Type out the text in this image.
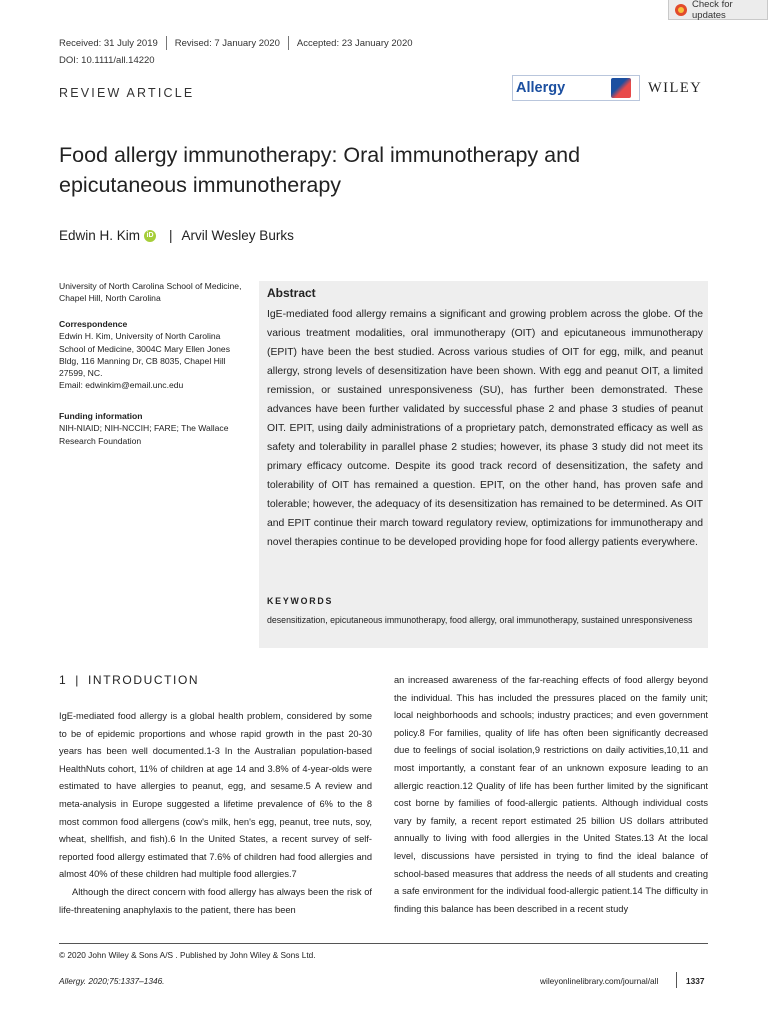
Check for updates
Received: 31 July 2019 Revised: 7 January 2020 Accepted: 23 January 2020
DOI: 10.1111/all.14220
REVIEW ARTICLE	Allergy
	WILEY
Food allergy immunotherapy: Oral immunotherapy and epicutaneous immunotherapy
Edwin H. Kim iD | Arvil Wesley Burks
University of North Carolina School of Medicine, Chapel Hill, North Carolina
Correspondence
Edwin H. Kim, University of North Carolina School of Medicine, 3004C Mary Ellen Jones Bldg, 116 Manning Dr, CB 8035, Chapel Hill 27599, NC.
Email: edwinkim@email.unc.edu
Funding information
NIH-NIAID; NIH-NCCIH; FARE; The Wallace Research Foundation
Abstract
IgE-mediated food allergy remains a significant and growing problem across the globe. Of the various treatment modalities, oral immunotherapy (OIT) and epicutaneous immunotherapy (EPIT) have been the best studied. Across various studies of OIT for egg, milk, and peanut allergy, strong levels of desensitization have been shown. With egg and peanut OIT, a limited remission, or sustained unresponsiveness (SU), has further been demonstrated. These advances have been further validated by successful phase 2 and phase 3 studies of peanut OIT. EPIT, using daily administrations of a proprietary patch, demonstrated efficacy as well as safety and tolerability in parallel phase 2 studies; however, its phase 3 study did not meet its primary efficacy outcome. Despite its good track record of desensitization, the safety and tolerability of OIT has remained a question. EPIT, on the other hand, has proven safe and tolerable; however, the adequacy of its desensitization has remained to be determined. As OIT and EPIT continue their march toward regulatory review, optimizations for immunotherapy and novel therapies continue to be developed providing hope for food allergy patients everywhere.
KEYWORDS
desensitization, epicutaneous immunotherapy, food allergy, oral immunotherapy, sustained unresponsiveness
1 | INTRODUCTION

IgE-mediated food allergy is a global health problem, considered by some to be of epidemic proportions and whose rapid growth in the past 20-30 years has been well documented.1-3 In the Australian population-based HealthNuts cohort, 11% of children at age 14 and 3.8% of 4-year-olds were estimated to have allergies to peanut, egg, and sesame.5 A review and meta-analysis in Europe suggested a lifetime prevalence of 6% to the 8 most common food allergens (cow's milk, hen's egg, peanut, tree nuts, soy, wheat, shellfish, and fish).6 In the United States, a recent survey of self-reported food allergy estimated that 7.6% of children had food allergies and almost 40% of these children had multiple food allergies.7

Although the direct concern with food allergy has always been the risk of life-threatening anaphylaxis to the patient, there has been

an increased awareness of the far-reaching effects of food allergy beyond the individual. This has included the pressures placed on the family unit; local neighborhoods and schools; industry practices; and even government policy.8 For families, quality of life has often been significantly decreased due to feelings of social isolation,9 restrictions on daily activities,10,11 and most importantly, a constant fear of an unknown exposure leading to an allergic reaction.12 Quality of life has been further limited by the significant cost borne by families of food-allergic patients. Although individual costs vary by family, a recent report estimated 25 billion US dollars attributed annually to living with food allergies in the United States.13 At the local level, discussions have persisted in trying to find the ideal balance of school-based measures that address the needs of all students and creating a safe environment for the individual food-allergic patient.14 The difficulty in finding this balance has been described in a recent study

© 2020 John Wiley & Sons A/S . Published by John Wiley & Sons Ltd.
Allergy. 2020;75:1337–1346.	wileyonlinelibrary.com/journal/all	1337
